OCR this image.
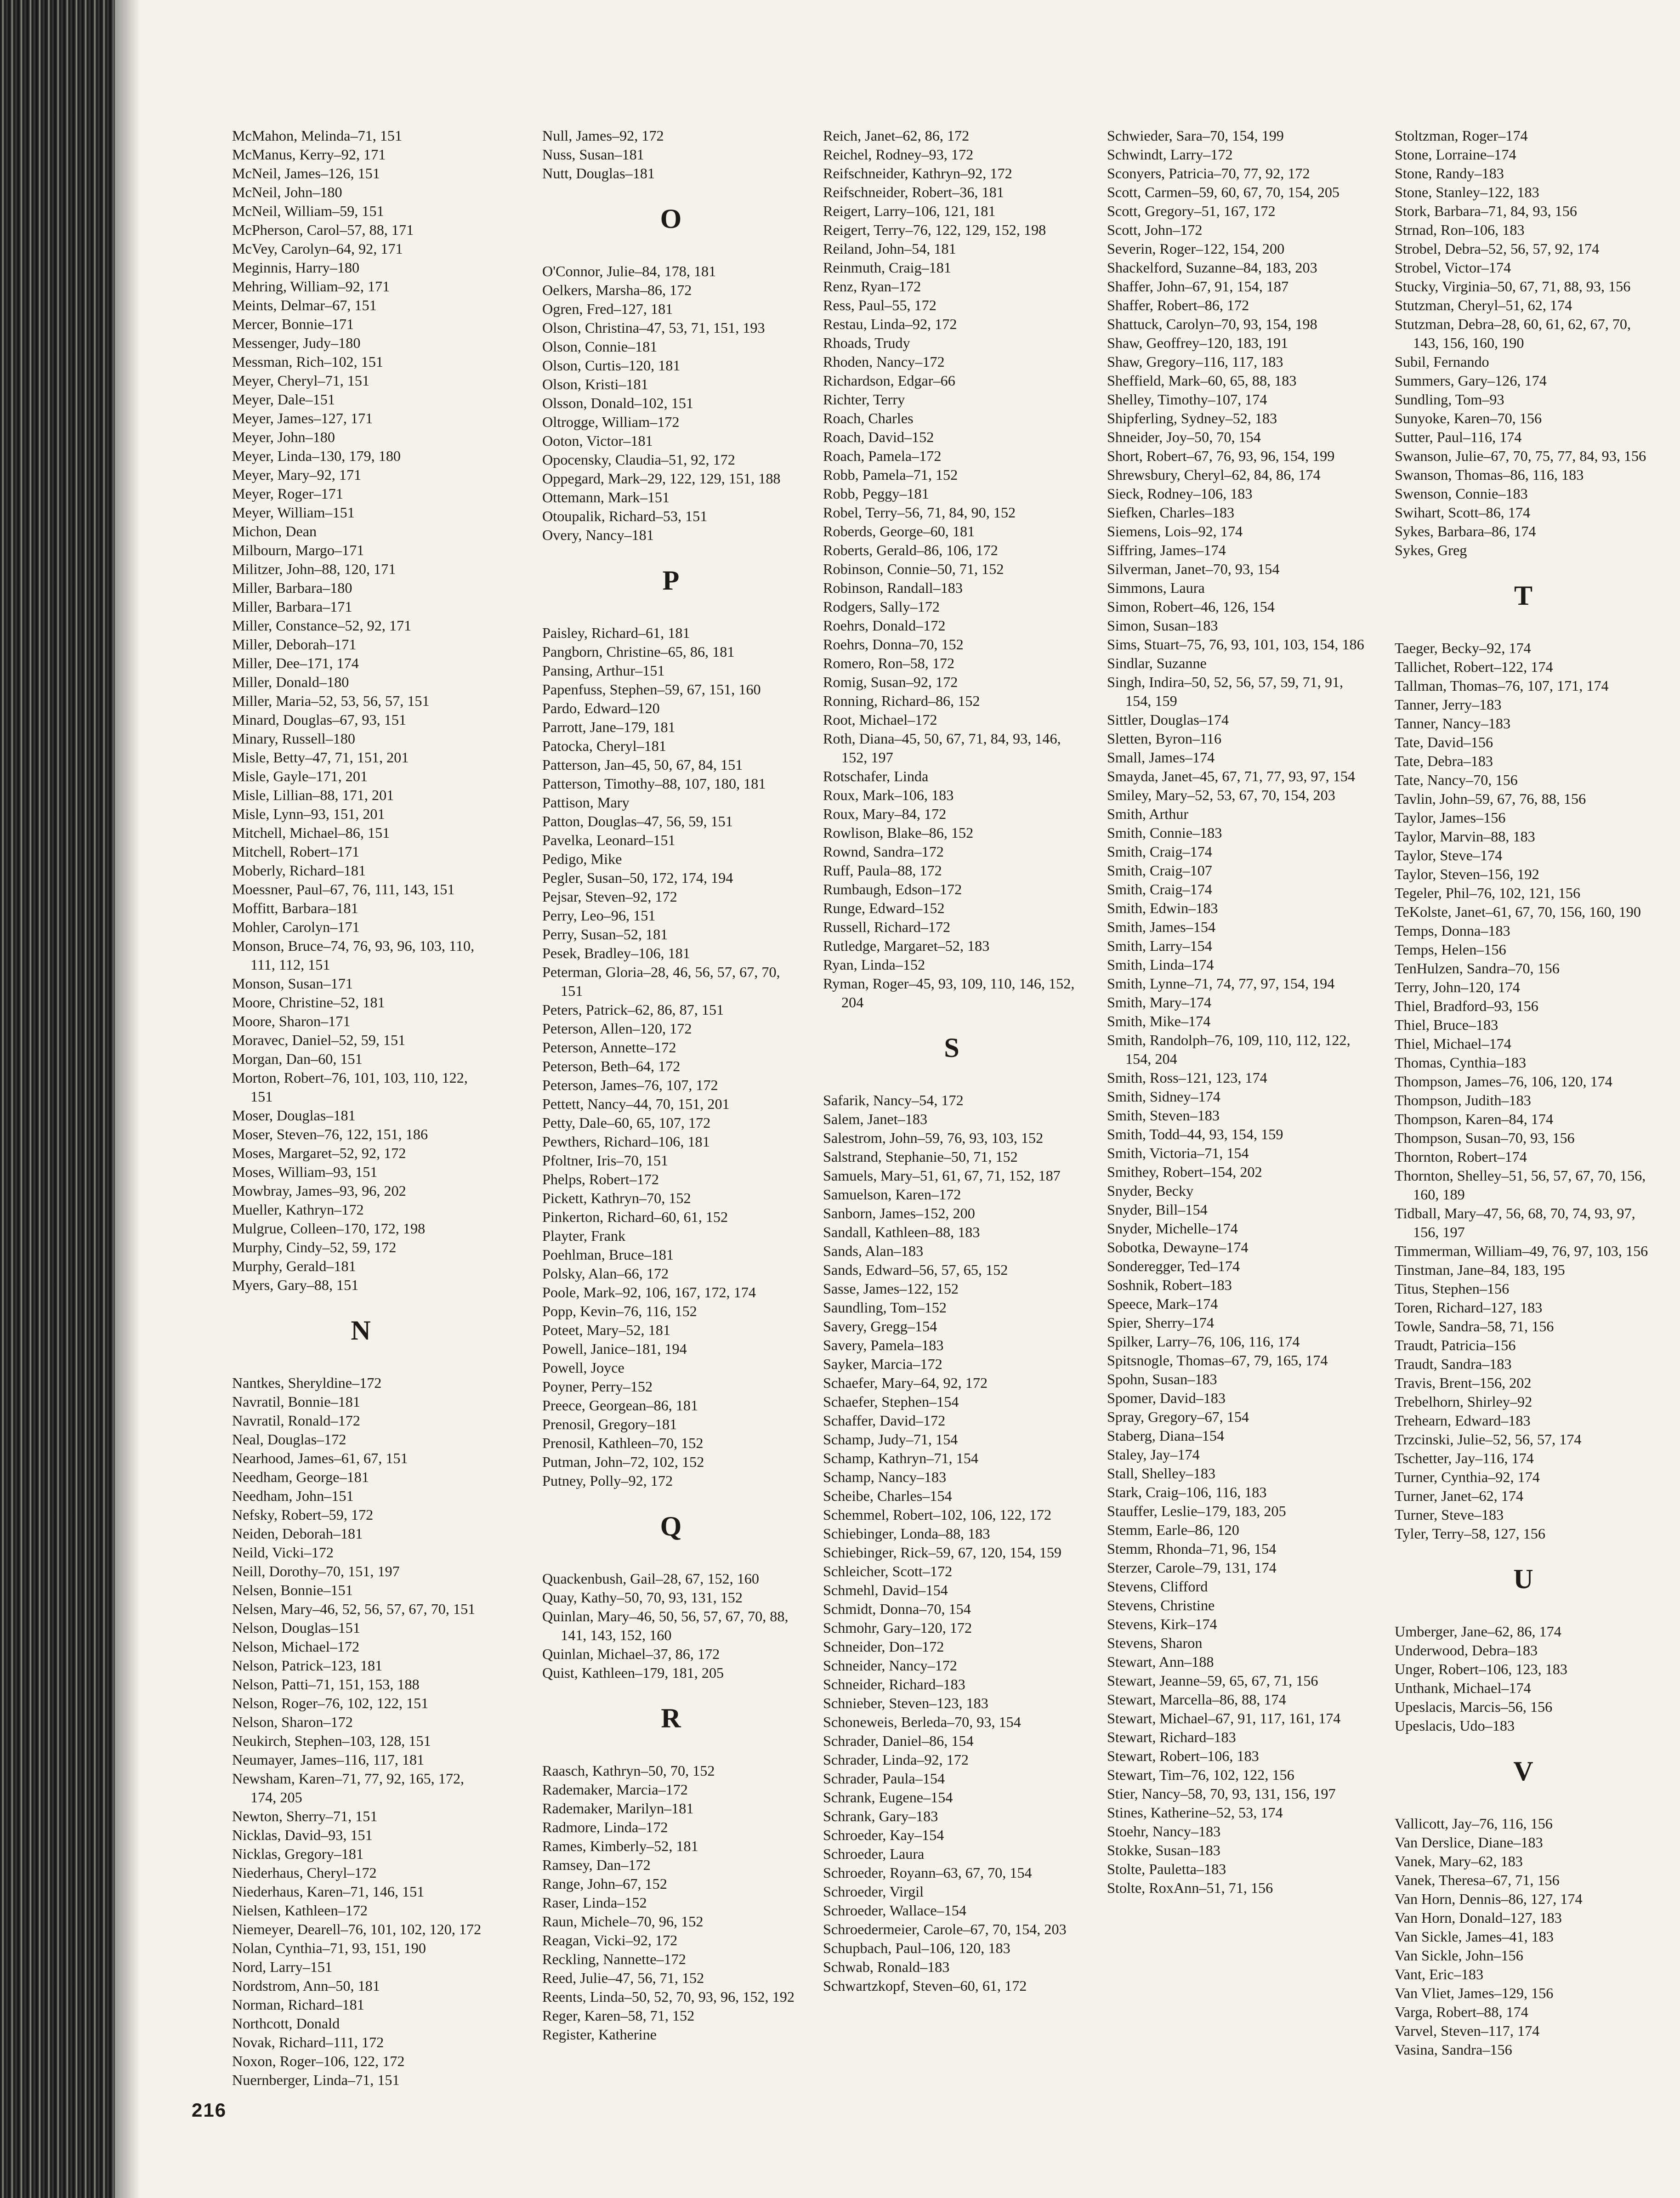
McMahon, Melinda–71, 151
McManus, Kerry–92, 171
McNeil, James–126, 151
McNeil, John–180
McNeil, William–59, 151
McPherson, Carol–57, 88, 171
McVey, Carolyn–64, 92, 171
Meginnis, Harry–180
Mehring, William–92, 171
Meints, Delmar–67, 151
Mercer, Bonnie–171
Messenger, Judy–180
Messman, Rich–102, 151
Meyer, Cheryl–71, 151
Meyer, Dale–151
Meyer, James–127, 171
Meyer, John–180
Meyer, Linda–130, 179, 180
Meyer, Mary–92, 171
Meyer, Roger–171
Meyer, William–151
Michon, Dean
Milbourn, Margo–171
Militzer, John–88, 120, 171
Miller, Barbara–180
Miller, Barbara–171
Miller, Constance–52, 92, 171
Miller, Deborah–171
Miller, Dee–171, 174
Miller, Donald–180
Miller, Maria–52, 53, 56, 57, 151
Minard, Douglas–67, 93, 151
Minary, Russell–180
Misle, Betty–47, 71, 151, 201
Misle, Gayle–171, 201
Misle, Lillian–88, 171, 201
Misle, Lynn–93, 151, 201
Mitchell, Michael–86, 151
Mitchell, Robert–171
Moberly, Richard–181
Moessner, Paul–67, 76, 111, 143, 151
Moffitt, Barbara–181
Mohler, Carolyn–171
Monson, Bruce–74, 76, 93, 96, 103, 110, 111, 112, 151
Monson, Susan–171
Moore, Christine–52, 181
Moore, Sharon–171
Moravec, Daniel–52, 59, 151
Morgan, Dan–60, 151
Morton, Robert–76, 101, 103, 110, 122, 151
Moser, Douglas–181
Moser, Steven–76, 122, 151, 186
Moses, Margaret–52, 92, 172
Moses, William–93, 151
Mowbray, James–93, 96, 202
Mueller, Kathryn–172
Mulgrue, Colleen–170, 172, 198
Murphy, Cindy–52, 59, 172
Murphy, Gerald–181
Myers, Gary–88, 151
N
Nantkes, Sheryldine–172
Navratil, Bonnie–181
Navratil, Ronald–172
Neal, Douglas–172
Nearhood, James–61, 67, 151
Needham, George–181
Needham, John–151
Nefsky, Robert–59, 172
Neiden, Deborah–181
Neild, Vicki–172
Neill, Dorothy–70, 151, 197
Nelsen, Bonnie–151
Nelsen, Mary–46, 52, 56, 57, 67, 70, 151
Nelson, Douglas–151
Nelson, Michael–172
Nelson, Patrick–123, 181
Nelson, Patti–71, 151, 153, 188
Nelson, Roger–76, 102, 122, 151
Nelson, Sharon–172
Neukirch, Stephen–103, 128, 151
Neumayer, James–116, 117, 181
Newsham, Karen–71, 77, 92, 165, 172, 174, 205
Newton, Sherry–71, 151
Nicklas, David–93, 151
Nicklas, Gregory–181
Niederhaus, Cheryl–172
Niederhaus, Karen–71, 146, 151
Nielsen, Kathleen–172
Niemeyer, Dearell–76, 101, 102, 120, 172
Nolan, Cynthia–71, 93, 151, 190
Nord, Larry–151
Nordstrom, Ann–50, 181
Norman, Richard–181
Northcott, Donald
Novak, Richard–111, 172
Noxon, Roger–106, 122, 172
Nuernberger, Linda–71, 151
Null, James–92, 172
Nuss, Susan–181
Nutt, Douglas–181
O
O'Connor, Julie–84, 178, 181
Oelkers, Marsha–86, 172
Ogren, Fred–127, 181
Olson, Christina–47, 53, 71, 151, 193
Olson, Connie–181
Olson, Curtis–120, 181
Olson, Kristi–181
Olsson, Donald–102, 151
Oltrogge, William–172
Ooton, Victor–181
Opocensky, Claudia–51, 92, 172
Oppegard, Mark–29, 122, 129, 151, 188
Ottemann, Mark–151
Otoupalik, Richard–53, 151
Overy, Nancy–181
P
Paisley, Richard–61, 181
Pangborn, Christine–65, 86, 181
Pansing, Arthur–151
Papenfuss, Stephen–59, 67, 151, 160
Pardo, Edward–120
Parrott, Jane–179, 181
Patocka, Cheryl–181
Patterson, Jan–45, 50, 67, 84, 151
Patterson, Timothy–88, 107, 180, 181
Pattison, Mary
Patton, Douglas–47, 56, 59, 151
Pavelka, Leonard–151
Pedigo, Mike
Pegler, Susan–50, 172, 174, 194
Pejsar, Steven–92, 172
Perry, Leo–96, 151
Perry, Susan–52, 181
Pesek, Bradley–106, 181
Peterman, Gloria–28, 46, 56, 57, 67, 70, 151
Peters, Patrick–62, 86, 87, 151
Peterson, Allen–120, 172
Peterson, Annette–172
Peterson, Beth–64, 172
Peterson, James–76, 107, 172
Pettett, Nancy–44, 70, 151, 201
Petty, Dale–60, 65, 107, 172
Pewthers, Richard–106, 181
Pfoltner, Iris–70, 151
Phelps, Robert–172
Pickett, Kathryn–70, 152
Pinkerton, Richard–60, 61, 152
Playter, Frank
Poehlman, Bruce–181
Polsky, Alan–66, 172
Poole, Mark–92, 106, 167, 172, 174
Popp, Kevin–76, 116, 152
Poteet, Mary–52, 181
Powell, Janice–181, 194
Powell, Joyce
Poyner, Perry–152
Preece, Georgean–86, 181
Prenosil, Gregory–181
Prenosil, Kathleen–70, 152
Putman, John–72, 102, 152
Putney, Polly–92, 172
Q
Quackenbush, Gail–28, 67, 152, 160
Quay, Kathy–50, 70, 93, 131, 152
Quinlan, Mary–46, 50, 56, 57, 67, 70, 88, 141, 143, 152, 160
Quinlan, Michael–37, 86, 172
Quist, Kathleen–179, 181, 205
R
Raasch, Kathryn–50, 70, 152
Rademaker, Marcia–172
Rademaker, Marilyn–181
Radmore, Linda–172
Rames, Kimberly–52, 181
Ramsey, Dan–172
Range, John–67, 152
Raser, Linda–152
Raun, Michele–70, 96, 152
Reagan, Vicki–92, 172
Reckling, Nannette–172
Reed, Julie–47, 56, 71, 152
Reents, Linda–50, 52, 70, 93, 96, 152, 192
Reger, Karen–58, 71, 152
Register, Katherine
Reich, Janet–62, 86, 172
Reichel, Rodney–93, 172
Reifschneider, Kathryn–92, 172
Reifschneider, Robert–36, 181
Reigert, Larry–106, 121, 181
Reigert, Terry–76, 122, 129, 152, 198
Reiland, John–54, 181
Reinmuth, Craig–181
Renz, Ryan–172
Ress, Paul–55, 172
Restau, Linda–92, 172
Rhoads, Trudy
Rhoden, Nancy–172
Richardson, Edgar–66
Richter, Terry
Roach, Charles
Roach, David–152
Roach, Pamela–172
Robb, Pamela–71, 152
Robb, Peggy–181
Robel, Terry–56, 71, 84, 90, 152
Roberds, George–60, 181
Roberts, Gerald–86, 106, 172
Robinson, Connie–50, 71, 152
Robinson, Randall–183
Rodgers, Sally–172
Roehrs, Donald–172
Roehrs, Donna–70, 152
Romero, Ron–58, 172
Romig, Susan–92, 172
Ronning, Richard–86, 152
Root, Michael–172
Roth, Diana–45, 50, 67, 71, 84, 93, 146, 152, 197
Rotschafer, Linda
Roux, Mark–106, 183
Roux, Mary–84, 172
Rowlison, Blake–86, 152
Rownd, Sandra–172
Ruff, Paula–88, 172
Rumbaugh, Edson–172
Runge, Edward–152
Russell, Richard–172
Rutledge, Margaret–52, 183
Ryan, Linda–152
Ryman, Roger–45, 93, 109, 110, 146, 152, 204
S
Safarik, Nancy–54, 172
Salem, Janet–183
Salestrom, John–59, 76, 93, 103, 152
Salstrand, Stephanie–50, 71, 152
Samuels, Mary–51, 61, 67, 71, 152, 187
Samuelson, Karen–172
Sanborn, James–152, 200
Sandall, Kathleen–88, 183
Sands, Alan–183
Sands, Edward–56, 57, 65, 152
Sasse, James–122, 152
Saundling, Tom–152
Savery, Gregg–154
Savery, Pamela–183
Sayker, Marcia–172
Schaefer, Mary–64, 92, 172
Schaefer, Stephen–154
Schaffer, David–172
Schamp, Judy–71, 154
Schamp, Kathryn–71, 154
Schamp, Nancy–183
Scheibe, Charles–154
Schemmel, Robert–102, 106, 122, 172
Schiebinger, Londa–88, 183
Schiebinger, Rick–59, 67, 120, 154, 159
Schleicher, Scott–172
Schmehl, David–154
Schmidt, Donna–70, 154
Schmohr, Gary–120, 172
Schneider, Don–172
Schneider, Nancy–172
Schneider, Richard–183
Schnieber, Steven–123, 183
Schoneweis, Berleda–70, 93, 154
Schrader, Daniel–86, 154
Schrader, Linda–92, 172
Schrader, Paula–154
Schrank, Eugene–154
Schrank, Gary–183
Schroeder, Kay–154
Schroeder, Laura
Schroeder, Royann–63, 67, 70, 154
Schroeder, Virgil
Schroeder, Wallace–154
Schroedermeier, Carole–67, 70, 154, 203
Schupbach, Paul–106, 120, 183
Schwab, Ronald–183
Schwartzkopf, Steven–60, 61, 172
Schwieder, Sara–70, 154, 199
Schwindt, Larry–172
Sconyers, Patricia–70, 77, 92, 172
Scott, Carmen–59, 60, 67, 70, 154, 205
Scott, Gregory–51, 167, 172
Scott, John–172
Severin, Roger–122, 154, 200
Shackelford, Suzanne–84, 183, 203
Shaffer, John–67, 91, 154, 187
Shaffer, Robert–86, 172
Shattuck, Carolyn–70, 93, 154, 198
Shaw, Geoffrey–120, 183, 191
Shaw, Gregory–116, 117, 183
Sheffield, Mark–60, 65, 88, 183
Shelley, Timothy–107, 174
Shipferling, Sydney–52, 183
Shneider, Joy–50, 70, 154
Short, Robert–67, 76, 93, 96, 154, 199
Shrewsbury, Cheryl–62, 84, 86, 174
Sieck, Rodney–106, 183
Siefken, Charles–183
Siemens, Lois–92, 174
Siffring, James–174
Silverman, Janet–70, 93, 154
Simmons, Laura
Simon, Robert–46, 126, 154
Simon, Susan–183
Sims, Stuart–75, 76, 93, 101, 103, 154, 186
Sindlar, Suzanne
Singh, Indira–50, 52, 56, 57, 59, 71, 91, 154, 159
Sittler, Douglas–174
Sletten, Byron–116
Small, James–174
Smayda, Janet–45, 67, 71, 77, 93, 97, 154
Smiley, Mary–52, 53, 67, 70, 154, 203
Smith, Arthur
Smith, Connie–183
Smith, Craig–174
Smith, Craig–107
Smith, Craig–174
Smith, Edwin–183
Smith, James–154
Smith, Larry–154
Smith, Linda–174
Smith, Lynne–71, 74, 77, 97, 154, 194
Smith, Mary–174
Smith, Mike–174
Smith, Randolph–76, 109, 110, 112, 122, 154, 204
Smith, Ross–121, 123, 174
Smith, Sidney–174
Smith, Steven–183
Smith, Todd–44, 93, 154, 159
Smith, Victoria–71, 154
Smithey, Robert–154, 202
Snyder, Becky
Snyder, Bill–154
Snyder, Michelle–174
Sobotka, Dewayne–174
Sonderegger, Ted–174
Soshnik, Robert–183
Speece, Mark–174
Spier, Sherry–174
Spilker, Larry–76, 106, 116, 174
Spitsnogle, Thomas–67, 79, 165, 174
Spohn, Susan–183
Spomer, David–183
Spray, Gregory–67, 154
Staberg, Diana–154
Staley, Jay–174
Stall, Shelley–183
Stark, Craig–106, 116, 183
Stauffer, Leslie–179, 183, 205
Stemm, Earle–86, 120
Stemm, Rhonda–71, 96, 154
Sterzer, Carole–79, 131, 174
Stevens, Clifford
Stevens, Christine
Stevens, Kirk–174
Stevens, Sharon
Stewart, Ann–188
Stewart, Jeanne–59, 65, 67, 71, 156
Stewart, Marcella–86, 88, 174
Stewart, Michael–67, 91, 117, 161, 174
Stewart, Richard–183
Stewart, Robert–106, 183
Stewart, Tim–76, 102, 122, 156
Stier, Nancy–58, 70, 93, 131, 156, 197
Stines, Katherine–52, 53, 174
Stoehr, Nancy–183
Stokke, Susan–183
Stolte, Pauletta–183
Stolte, RoxAnn–51, 71, 156
Stoltzman, Roger–174
Stone, Lorraine–174
Stone, Randy–183
Stone, Stanley–122, 183
Stork, Barbara–71, 84, 93, 156
Strnad, Ron–106, 183
Strobel, Debra–52, 56, 57, 92, 174
Strobel, Victor–174
Stucky, Virginia–50, 67, 71, 88, 93, 156
Stutzman, Cheryl–51, 62, 174
Stutzman, Debra–28, 60, 61, 62, 67, 70, 143, 156, 160, 190
Subil, Fernando
Summers, Gary–126, 174
Sundling, Tom–93
Sunyoke, Karen–70, 156
Sutter, Paul–116, 174
Swanson, Julie–67, 70, 75, 77, 84, 93, 156
Swanson, Thomas–86, 116, 183
Swenson, Connie–183
Swihart, Scott–86, 174
Sykes, Barbara–86, 174
Sykes, Greg
T
Taeger, Becky–92, 174
Tallichet, Robert–122, 174
Tallman, Thomas–76, 107, 171, 174
Tanner, Jerry–183
Tanner, Nancy–183
Tate, David–156
Tate, Debra–183
Tate, Nancy–70, 156
Tavlin, John–59, 67, 76, 88, 156
Taylor, James–156
Taylor, Marvin–88, 183
Taylor, Steve–174
Taylor, Steven–156, 192
Tegeler, Phil–76, 102, 121, 156
TeKolste, Janet–61, 67, 70, 156, 160, 190
Temps, Donna–183
Temps, Helen–156
TenHulzen, Sandra–70, 156
Terry, John–120, 174
Thiel, Bradford–93, 156
Thiel, Bruce–183
Thiel, Michael–174
Thomas, Cynthia–183
Thompson, James–76, 106, 120, 174
Thompson, Judith–183
Thompson, Karen–84, 174
Thompson, Susan–70, 93, 156
Thornton, Robert–174
Thornton, Shelley–51, 56, 57, 67, 70, 156, 160, 189
Tidball, Mary–47, 56, 68, 70, 74, 93, 97, 156, 197
Timmerman, William–49, 76, 97, 103, 156
Tinstman, Jane–84, 183, 195
Titus, Stephen–156
Toren, Richard–127, 183
Towle, Sandra–58, 71, 156
Traudt, Patricia–156
Traudt, Sandra–183
Travis, Brent–156, 202
Trebelhorn, Shirley–92
Trehearn, Edward–183
Trzcinski, Julie–52, 56, 57, 174
Tschetter, Jay–116, 174
Turner, Cynthia–92, 174
Turner, Janet–62, 174
Turner, Steve–183
Tyler, Terry–58, 127, 156
U
Umberger, Jane–62, 86, 174
Underwood, Debra–183
Unger, Robert–106, 123, 183
Unthank, Michael–174
Upeslacis, Marcis–56, 156
Upeslacis, Udo–183
V
Vallicott, Jay–76, 116, 156
Van Derslice, Diane–183
Vanek, Mary–62, 183
Vanek, Theresa–67, 71, 156
Van Horn, Dennis–86, 127, 174
Van Horn, Donald–127, 183
Van Sickle, James–41, 183
Van Sickle, John–156
Vant, Eric–183
Van Vliet, James–129, 156
Varga, Robert–88, 174
Varvel, Steven–117, 174
Vasina, Sandra–156
216
